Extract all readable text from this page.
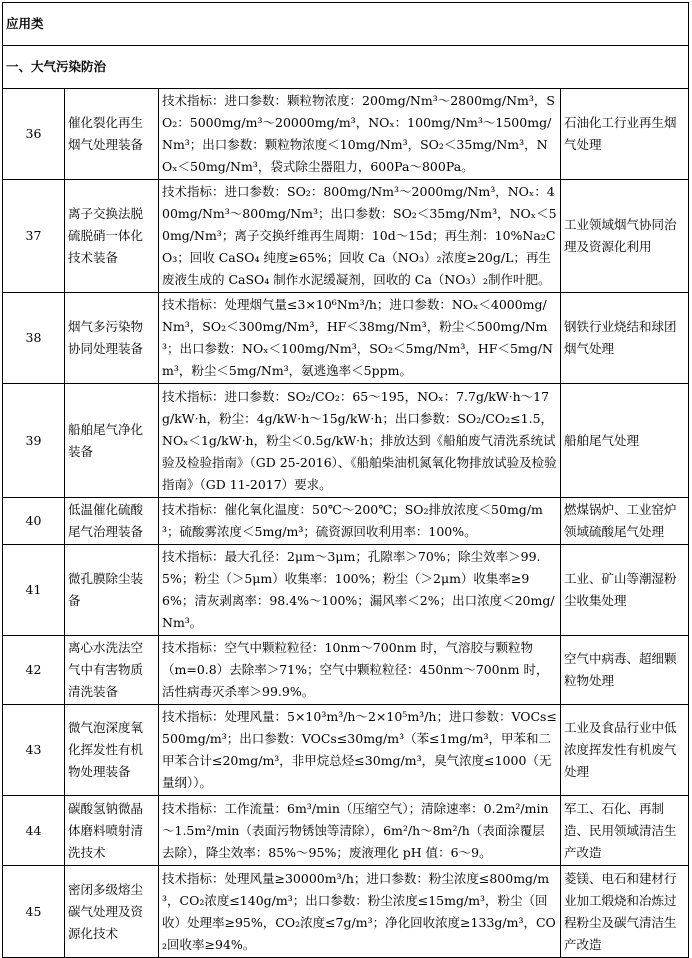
应用类			
一、大气污染防治			
36	催化裂化再生烟气处理装备	技术指标：进口参数：颗粒物浓度：200mg/Nm³～2800mg/Nm³，SO₂：5000mg/m³～20000mg/m³，NOₓ：100mg/Nm³～1500mg/Nm³；出口参数：颗粒物浓度＜10mg/Nm³，SO₂＜35mg/Nm³，NOₓ＜50mg/Nm³，袋式除尘器阻力，600Pa～800Pa。	石油化工行业再生烟气处理
37	离子交换法脱硫脱硝一体化技术装备	技术指标：进口参数：SO₂：800mg/Nm³～2000mg/Nm³，NOₓ：400mg/Nm³～800mg/Nm³；出口参数：SO₂＜35mg/Nm³，NOₓ＜50mg/Nm³；离子交换纤维再生周期：10d～15d；再生剂：10%Na₂CO₃；回收 CaSO₄ 纯度≥65%；回收 Ca（NO₃）₂浓度≥20g/L；再生废液生成的 CaSO₄ 制作水泥缓凝剂，回收的 Ca（NO₃）₂制作叶肥。	工业领域烟气协同治理及资源化利用
38	烟气多污染物协同处理装备	技术指标：处理烟气量≤3×10⁶Nm³/h；进口参数：NOₓ＜4000mg/Nm³，SO₂＜300mg/Nm³，HF＜38mg/Nm³，粉尘＜500mg/Nm³；出口参数：NOₓ＜100mg/Nm³，SO₂＜5mg/Nm³，HF＜5mg/Nm³，粉尘＜5mg/Nm³，氨逃逸率＜5ppm。	钢铁行业烧结和球团烟气处理
39	船舶尾气净化装备	技术指标：进口参数：SO₂/CO₂：65～195，NOₓ：7.7g/kW·h～17g/kW·h，粉尘：4g/kW·h～15g/kW·h；出口参数：SO₂/CO₂≤1.5，NOₓ＜1g/kW·h，粉尘＜0.5g/kW·h；排放达到《船舶废气清洗系统试验及检验指南》（GD 25-2016）、《船舶柴油机氮氧化物排放试验及检验指南》（GD 11-2017）要求。	船舶尾气处理
40	低温催化硫酸尾气治理装备	技术指标：催化氧化温度：50℃～200℃；SO₂排放浓度＜50mg/m³；硫酸雾浓度＜5mg/m³；硫资源回收利用率：100%。	燃煤锅炉、工业窑炉领域硫酸尾气处理
41	微孔膜除尘装备	技术指标：最大孔径：2μm～3μm；孔隙率＞70%；除尘效率＞99.5%；粉尘（＞5μm）收集率：100%；粉尘（＞2μm）收集率≥96%；清灰剥离率：98.4%～100%；漏风率＜2%；出口浓度＜20mg/Nm³。	工业、矿山等潮湿粉尘收集处理
42	离心水洗法空气中有害物质清洗装备	技术指标：空气中颗粒粒径：10nm～700nm 时，气溶胶与颗粒物（m=0.8）去除率＞71%；空气中颗粒粒径：450nm～700nm 时，活性病毒灭杀率＞99.9%。	空气中病毒、超细颗粒物处理
43	微气泡深度氧化挥发性有机物处理装备	技术指标：处理风量：5×10³m³/h～2×10⁵m³/h；进口参数：VOCs≤500mg/m³；出口参数：VOCs≤30mg/m³（苯≤1mg/m³，甲苯和二甲苯合计≤20mg/m³，非甲烷总烃≤30mg/m³，臭气浓度≤1000（无量纲））。	工业及食品行业中低浓度挥发性有机废气处理
44	碳酸氢钠微晶体磨料喷射清洗技术	技术指标：工作流量：6m³/min（压缩空气）；清除速率：0.2m²/min～1.5m²/min（表面污物锈蚀等清除），6m²/h～8m²/h（表面涂覆层去除），降尘效率：85%～95%；废液理化 pH 值：6～9。	军工、石化、再制造、民用领域清洁生产改造
45	密闭多级熔尘碳气处理及资源化技术	技术指标：处理风量≥30000m³/h；进口参数：粉尘浓度≤800mg/m³，CO₂浓度≤140g/m³；出口参数：粉尘浓度≤15mg/m³，粉尘（回收）处理率≥95%，CO₂浓度≤7g/m³；净化回收浓度≥133g/m³，CO₂回收率≥94%。	菱镁、电石和建材行业加工煅烧和冶炼过程粉尘及碳气清洁生产改造
